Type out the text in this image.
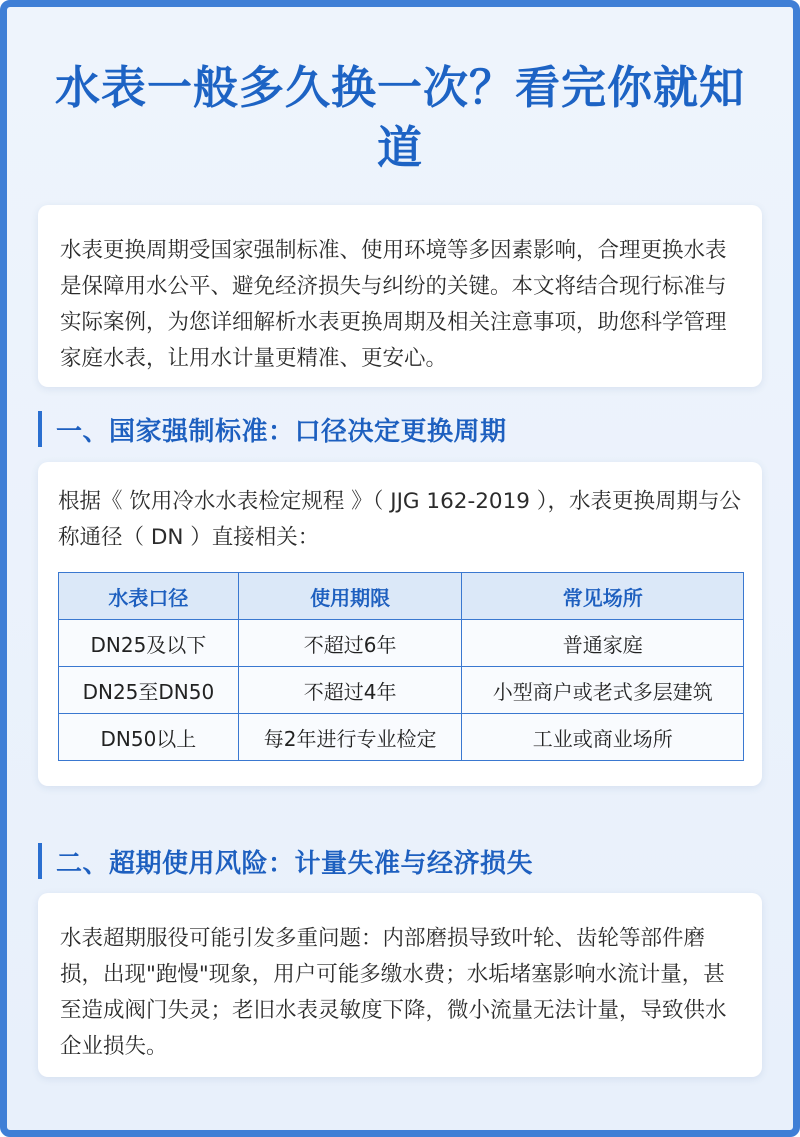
水表一般多久换一次？看完你就知道

水表更换周期受国家强制标准、使用环境等多因素影响，合理更换水表是保障用水公平、避免经济损失与纠纷的关键。本文将结合现行标准与实际案例，为您详细解析水表更换周期及相关注意事项，助您科学管理家庭水表，让用水计量更精准、更安心。

一、国家强制标准：口径决定更换周期

根据《 饮用冷水水表检定规程 》（ JJG 162-2019 ），水表更换周期与公称通径（ DN ）直接相关：

水表口径	使用期限	常见场所
DN25及以下	不超过6年	普通家庭
DN25至DN50	不超过4年	小型商户或老式多层建筑
DN50以上	每2年进行专业检定	工业或商业场所
二、超期使用风险：计量失准与经济损失

水表超期服役可能引发多重问题：内部磨损导致叶轮、齿轮等部件磨损，出现"跑慢"现象，用户可能多缴水费；水垢堵塞影响水流计量，甚至造成阀门失灵；老旧水表灵敏度下降，微小流量无法计量，导致供水企业损失。
